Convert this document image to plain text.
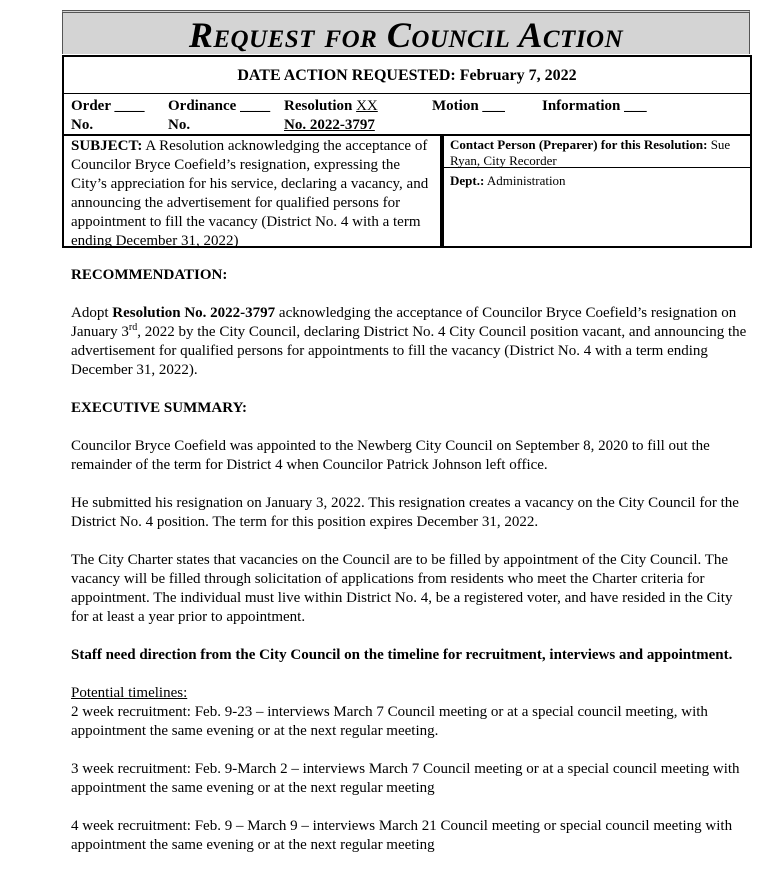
Request for Council Action
DATE ACTION REQUESTED: February 7, 2022
Order ____
No.
Ordinance ____
No.
Resolution XX
No. 2022-3797
Motion ___ Information ___
SUBJECT: A Resolution acknowledging the acceptance of Councilor Bryce Coefield’s resignation, expressing the City’s appreciation for his service, declaring a vacancy, and announcing the advertisement for qualified persons for appointment to fill the vacancy (District No. 4 with a term ending December 31, 2022)
Contact Person (Preparer) for this Resolution: Sue Ryan, City Recorder
Dept.: Administration

RECOMMENDATION:

Adopt Resolution No. 2022-3797 acknowledging the acceptance of Councilor Bryce Coefield’s resignation on January 3rd, 2022 by the City Council, declaring District No. 4 City Council position vacant, and announcing the advertisement for qualified persons for appointments to fill the vacancy (District No. 4 with a term ending December 31, 2022).

EXECUTIVE SUMMARY:

Councilor Bryce Coefield was appointed to the Newberg City Council on September 8, 2020 to fill out the remainder of the term for District 4 when Councilor Patrick Johnson left office.

He submitted his resignation on January 3, 2022. This resignation creates a vacancy on the City Council for the District No. 4 position. The term for this position expires December 31, 2022.

The City Charter states that vacancies on the Council are to be filled by appointment of the City Council. The vacancy will be filled through solicitation of applications from residents who meet the Charter criteria for appointment. The individual must live within District No. 4, be a registered voter, and have resided in the City for at least a year prior to appointment.

Staff need direction from the City Council on the timeline for recruitment, interviews and appointment.

Potential timelines:

2 week recruitment: Feb. 9-23 – interviews March 7 Council meeting or at a special council meeting, with appointment the same evening or at the next regular meeting.

3 week recruitment: Feb. 9-March 2 – interviews March 7 Council meeting or at a special council meeting with appointment the same evening or at the next regular meeting

4 week recruitment: Feb. 9 – March 9 – interviews March 21 Council meeting or special council meeting with appointment the same evening or at the next regular meeting
